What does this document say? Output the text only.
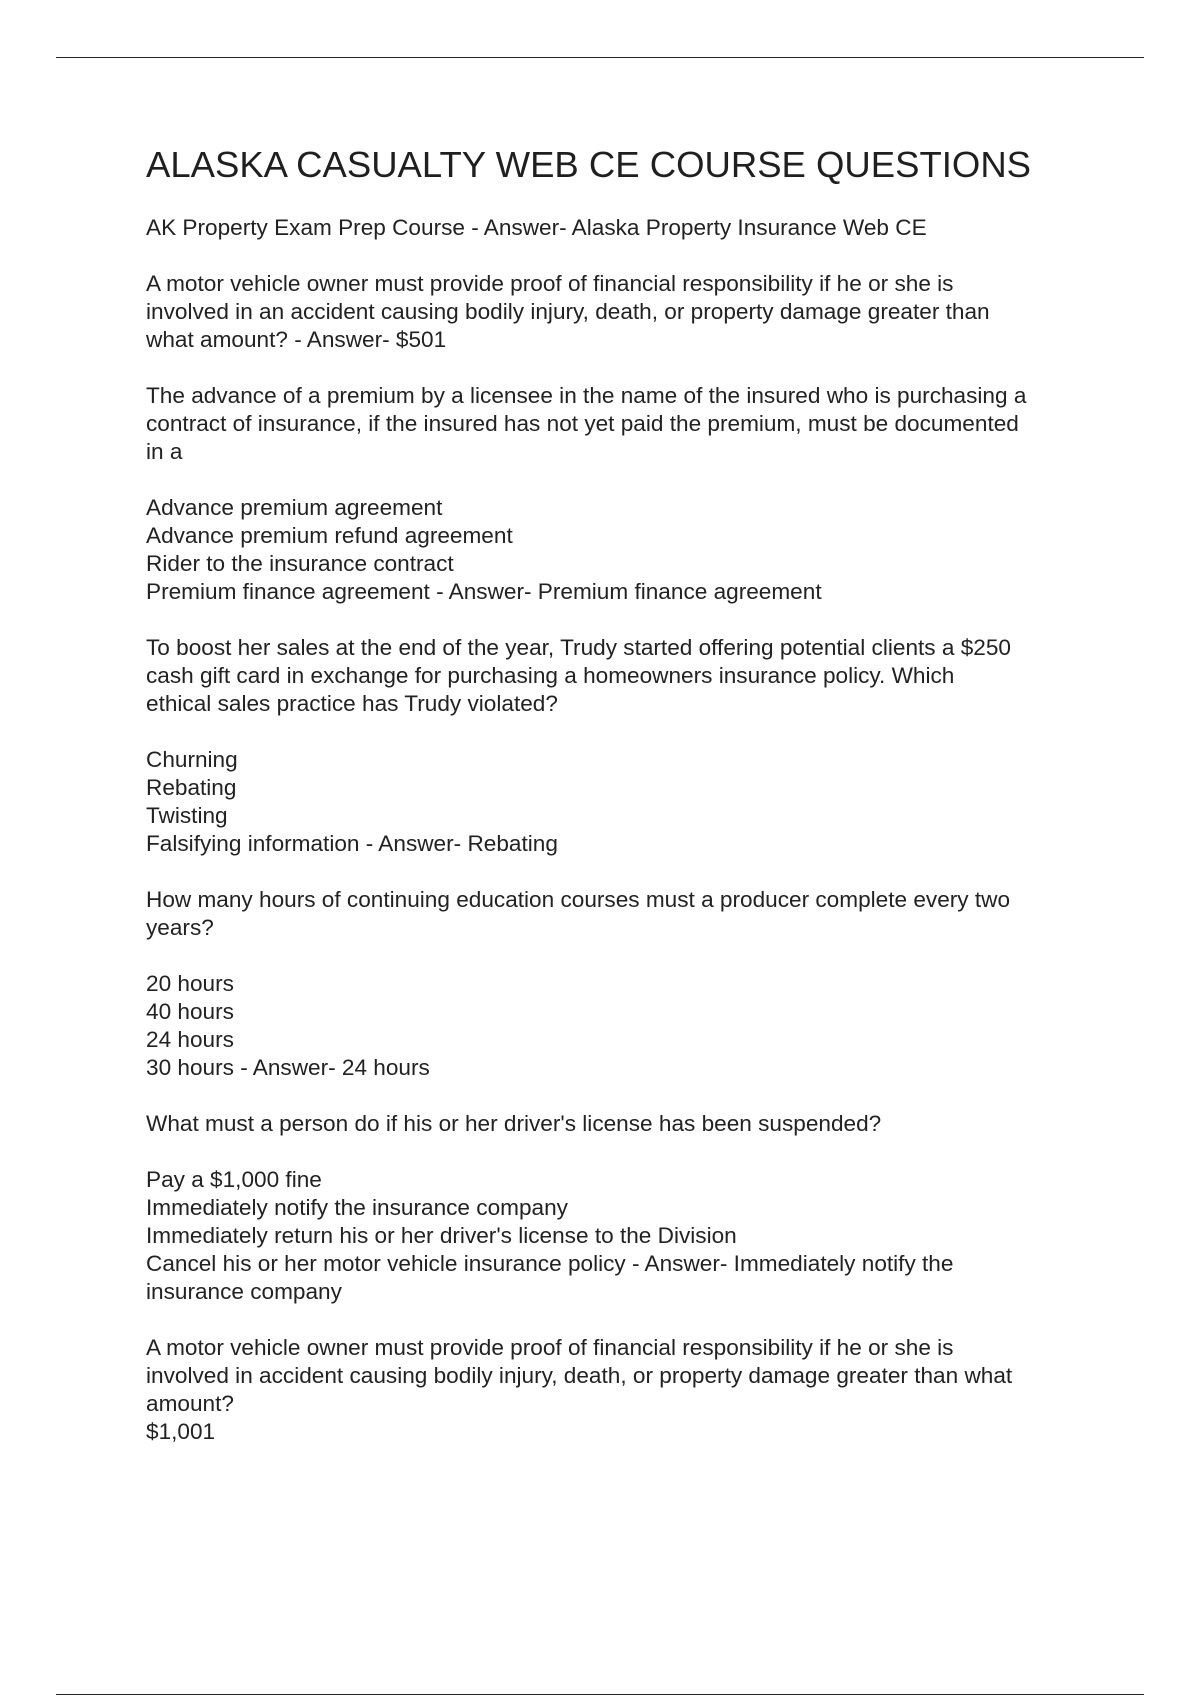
ALASKA CASUALTY WEB CE COURSE QUESTIONS

AK Property Exam Prep Course - Answer- Alaska Property Insurance Web CE

A motor vehicle owner must provide proof of financial responsibility if he or she is
involved in an accident causing bodily injury, death, or property damage greater than
what amount? - Answer- $501

The advance of a premium by a licensee in the name of the insured who is purchasing a
contract of insurance, if the insured has not yet paid the premium, must be documented
in a

Advance premium agreement
Advance premium refund agreement
Rider to the insurance contract
Premium finance agreement - Answer- Premium finance agreement

To boost her sales at the end of the year, Trudy started offering potential clients a $250
cash gift card in exchange for purchasing a homeowners insurance policy. Which
ethical sales practice has Trudy violated?

Churning
Rebating
Twisting
Falsifying information - Answer- Rebating

How many hours of continuing education courses must a producer complete every two
years?

20 hours
40 hours
24 hours
30 hours - Answer- 24 hours

What must a person do if his or her driver's license has been suspended?

Pay a $1,000 fine
Immediately notify the insurance company
Immediately return his or her driver's license to the Division
Cancel his or her motor vehicle insurance policy - Answer- Immediately notify the
insurance company

A motor vehicle owner must provide proof of financial responsibility if he or she is
involved in accident causing bodily injury, death, or property damage greater than what
amount?
$1,001
